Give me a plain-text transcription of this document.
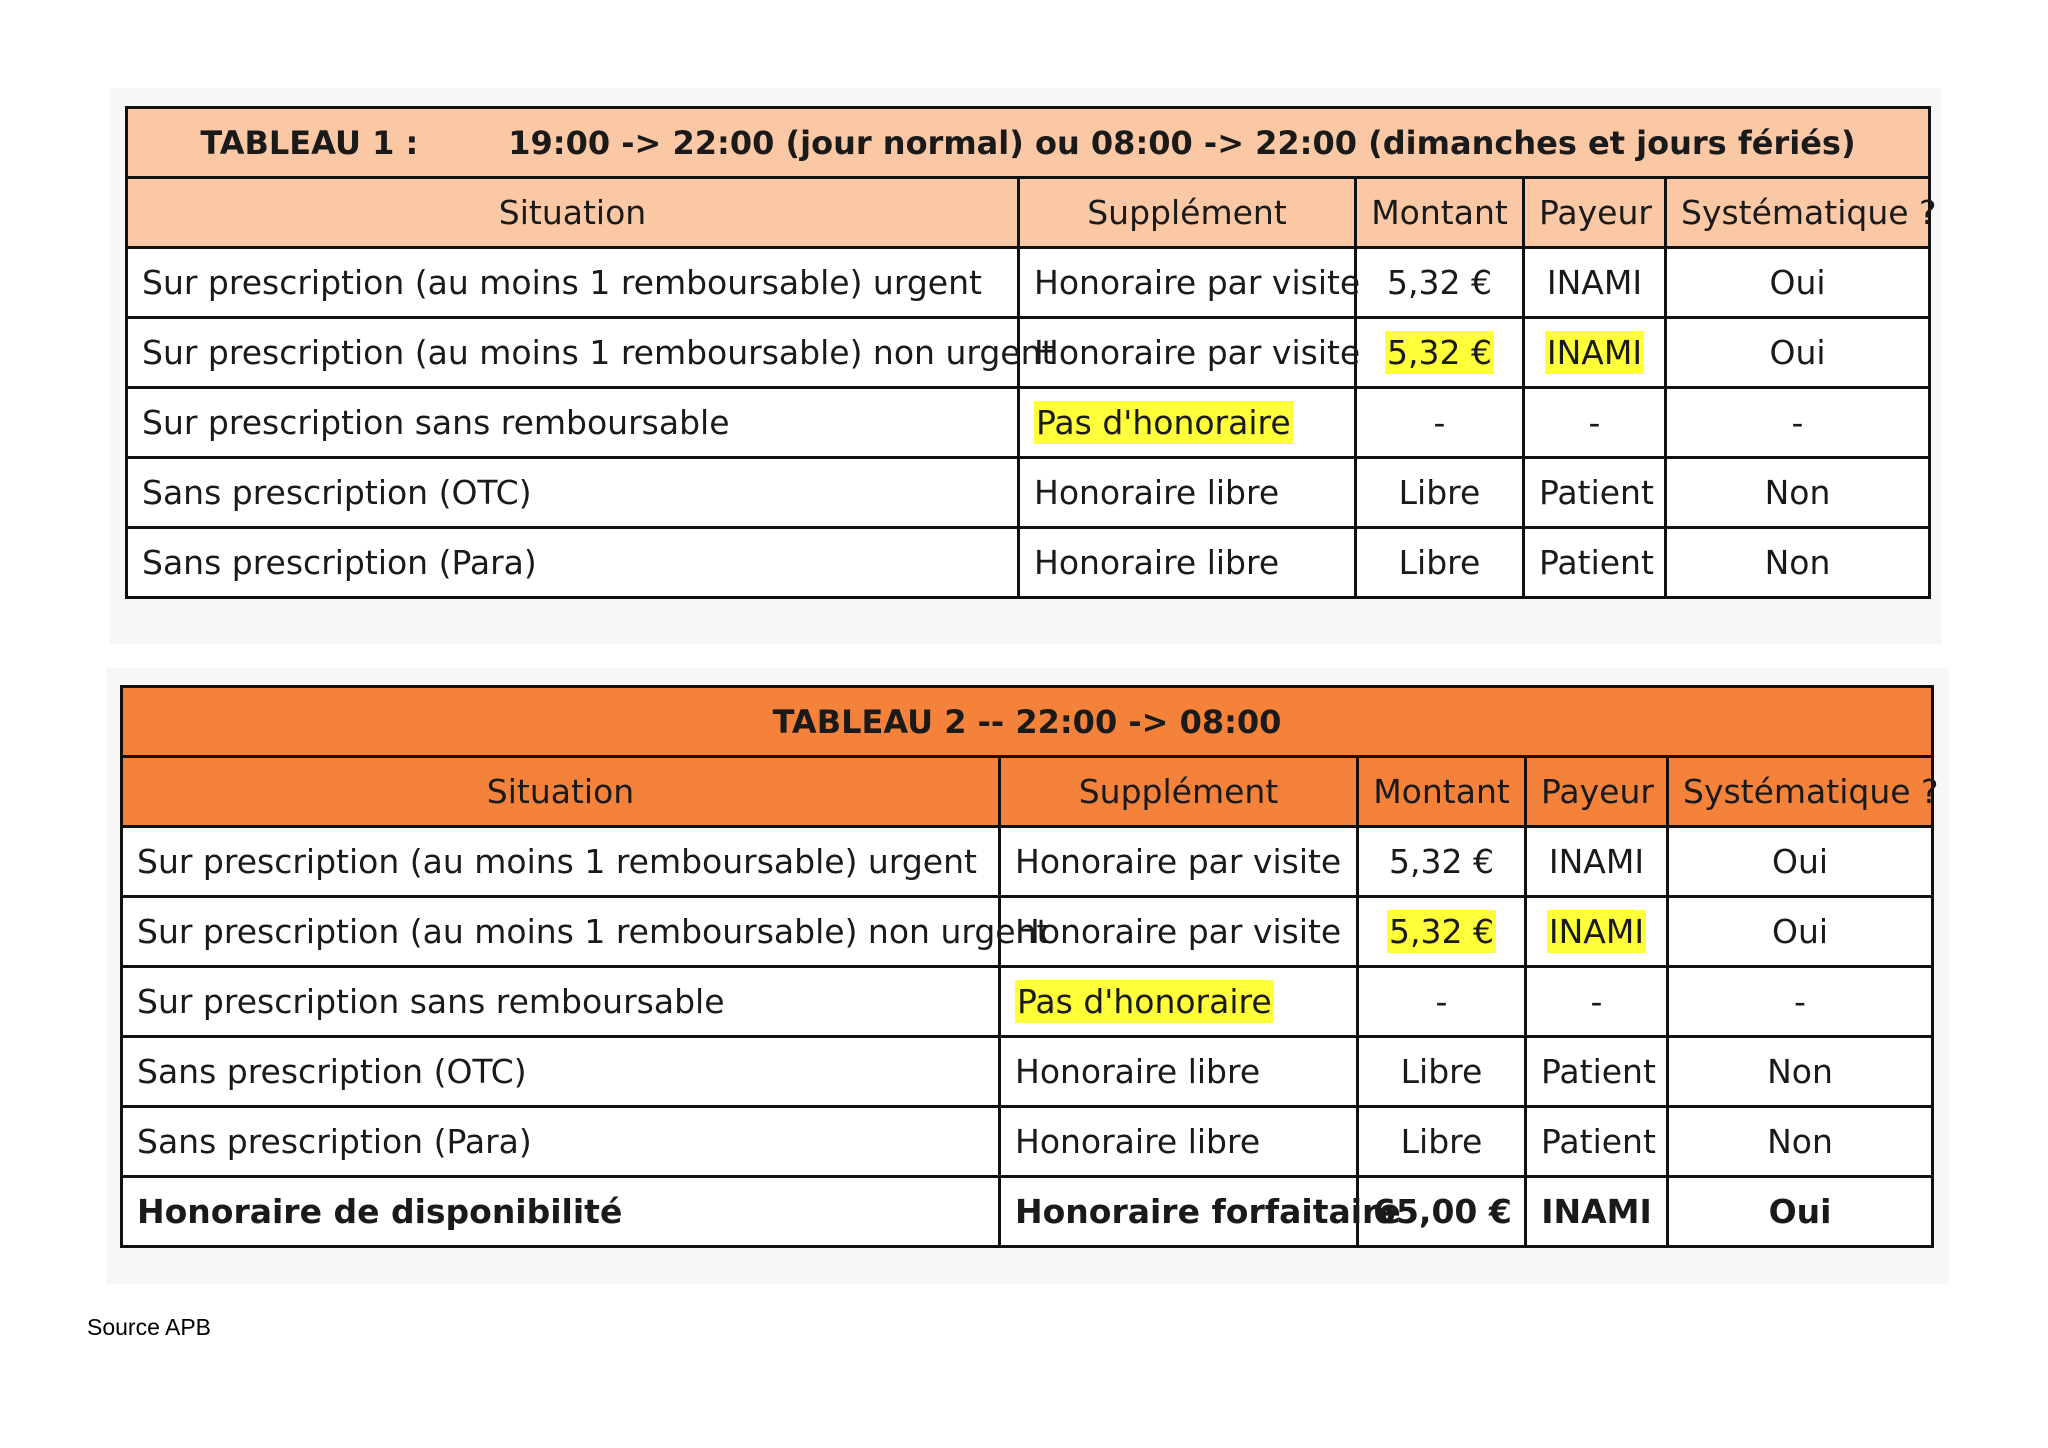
TABLEAU 1 : 19:00 -> 22:00 (jour normal) ou 08:00 -> 22:00 (dimanches et jours fériés)				

Situation	Supplément	Montant	Payeur	Systématique ?
Sur prescription (au moins 1 remboursable) urgent	Honoraire par visite	5,32 €	INAMI	Oui
Sur prescription (au moins 1 remboursable) non urgent	Honoraire par visite	5,32 €	INAMI	Oui
Sur prescription sans remboursable	Pas d'honoraire	-	-	-
Sans prescription (OTC)	Honoraire libre	Libre	Patient	Non
Sans prescription (Para)	Honoraire libre	Libre	Patient	Non
TABLEAU 2 -- 22:00 -> 08:00				
Situation	Supplément	Montant	Payeur	Systématique ?
Sur prescription (au moins 1 remboursable) urgent	Honoraire par visite	5,32 €	INAMI	Oui
Sur prescription (au moins 1 remboursable) non urgent	Honoraire par visite	5,32 €	INAMI	Oui
Sur prescription sans remboursable	Pas d'honoraire	-	-	-
Sans prescription (OTC)	Honoraire libre	Libre	Patient	Non
Sans prescription (Para)	Honoraire libre	Libre	Patient	Non
Honoraire de disponibilité	Honoraire forfaitaire	65,00 €	INAMI	Oui
Source APB
